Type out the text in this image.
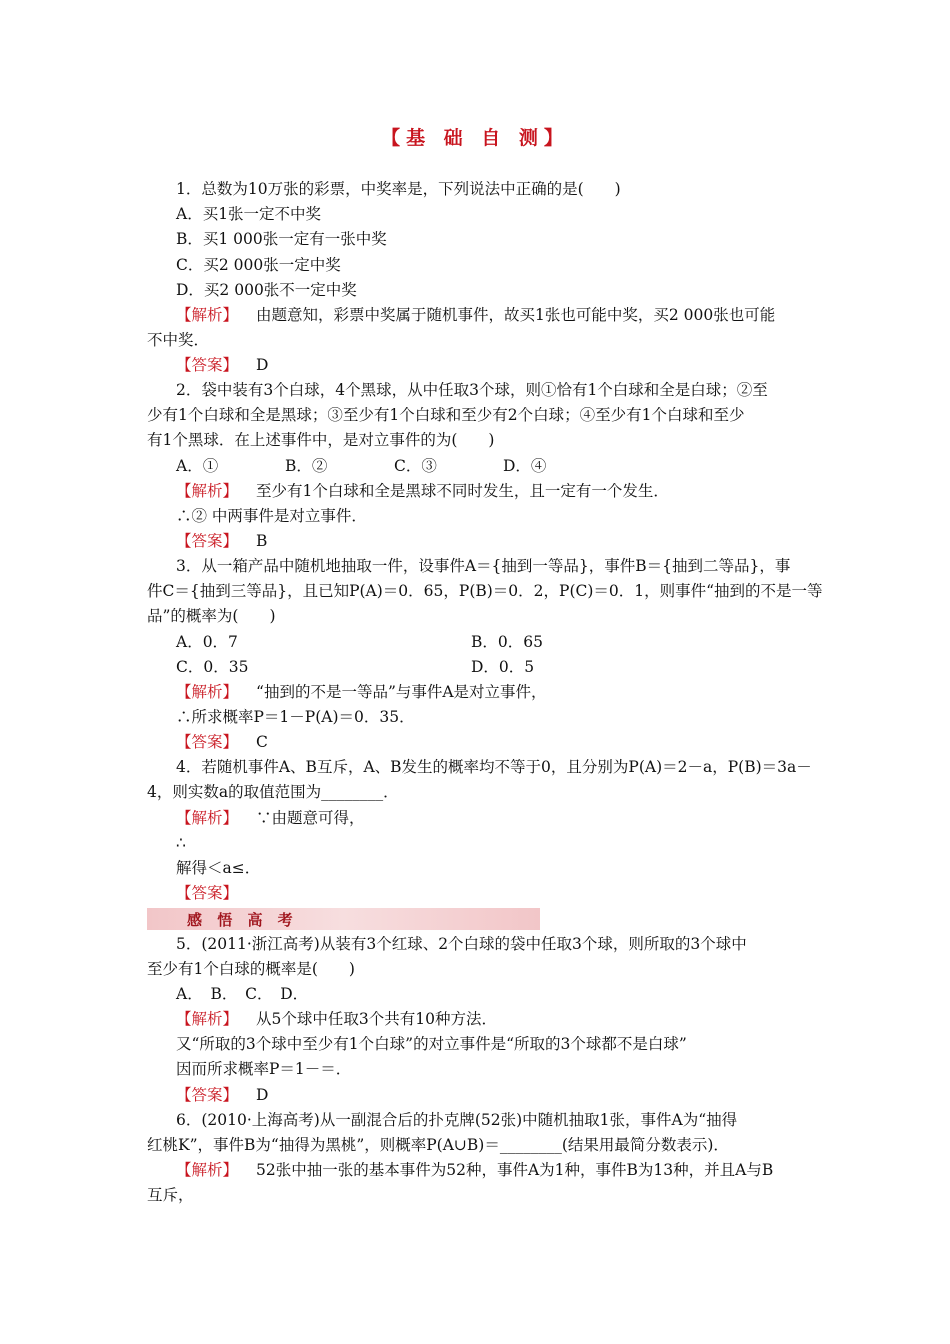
【基 础 自 测】
1．总数为10万张的彩票，中奖率是，下列说法中正确的是(　　)
A．买1张一定不中奖
B．买1 000张一定有一张中奖
C．买2 000张一定中奖
D．买2 000张不一定中奖
【解析】 由题意知，彩票中奖属于随机事件，故买1张也可能中奖，买2 000张也可能
不中奖．
【答案】 D
2．袋中装有3个白球，4个黑球，从中任取3个球，则①恰有1个白球和全是白球；②至
少有1个白球和全是黑球；③至少有1个白球和至少有2个白球；④至少有1个白球和至少
有1个黑球．在上述事件中，是对立事件的为(　　)
A．①	B．②	C．③	D．④
【解析】 至少有1个白球和全是黑球不同时发生，且一定有一个发生．
∴② 中两事件是对立事件．
【答案】 B
3．从一箱产品中随机地抽取一件，设事件A＝{抽到一等品}，事件B＝{抽到二等品}，事
件C＝{抽到三等品}，且已知P(A)＝0．65，P(B)＝0．2，P(C)＝0．1，则事件“抽到的不是一等
品”的概率为(　　)
A．0．7	B．0．65
C．0．35	D．0．5
【解析】 “抽到的不是一等品”与事件A是对立事件，
∴所求概率P＝1－P(A)＝0．35．
【答案】 C
4．若随机事件A、B互斥，A、B发生的概率均不等于0，且分别为P(A)＝2－a，P(B)＝3a－
4，则实数a的取值范围为________．
【解析】 ∵由题意可得，
∴
解得＜a≤．
【答案】
感 悟 高 考
5．(2011·浙江高考)从装有3个红球、2个白球的袋中任取3个球，则所取的3个球中
至少有1个白球的概率是(　　)
A．　B．　C．　D．
【解析】 从5个球中任取3个共有10种方法．
又“所取的3个球中至少有1个白球”的对立事件是“所取的3个球都不是白球”
因而所求概率P＝1－＝．
【答案】 D
6．(2010·上海高考)从一副混合后的扑克牌(52张)中随机抽取1张，事件A为“抽得
红桃K”，事件B为“抽得为黑桃”，则概率P(A∪B)＝________(结果用最简分数表示)．
【解析】 52张中抽一张的基本事件为52种，事件A为1种，事件B为13种，并且A与B
互斥，
